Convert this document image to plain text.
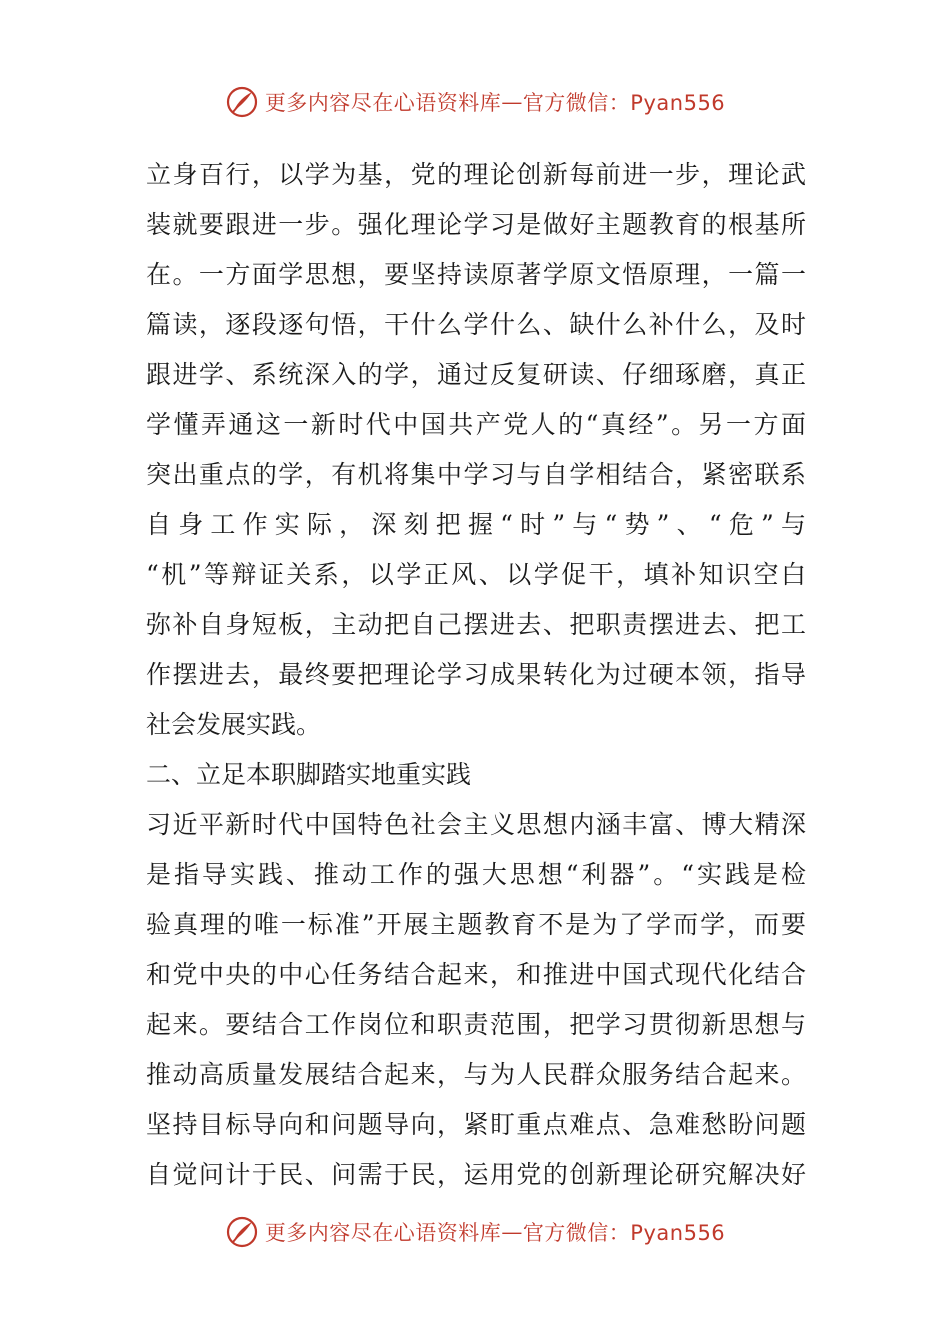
更多内容尽在心语资料库 — 官方微信：Pyan556
立身百行，以学为基，党的理论创新每前进一步，理论武
装就要跟进一步。强化理论学习是做好主题教育的根基所
在。一方面学思想，要坚持读原著学原文悟原理，一篇一
篇读，逐段逐句悟，干什么学什么、缺什么补什么，及时
跟进学、系统深入的学，通过反复研读、仔细琢磨，真正
学懂弄通这一新时代中国共产党人的“真经”。另一方面
突出重点的学，有机将集中学习与自学相结合，紧密联系
自身工作实际，深刻把握“时”与“势”、“危”与
“机”等辩证关系，以学正风、以学促干，填补知识空白
弥补自身短板，主动把自己摆进去、把职责摆进去、把工
作摆进去，最终要把理论学习成果转化为过硬本领，指导
社会发展实践。
二、立足本职脚踏实地重实践
习近平新时代中国特色社会主义思想内涵丰富、博大精深
是指导实践、推动工作的强大思想“利器”。“实践是检
验真理的唯一标准”开展主题教育不是为了学而学，而要
和党中央的中心任务结合起来，和推进中国式现代化结合
起来。要结合工作岗位和职责范围，把学习贯彻新思想与
推动高质量发展结合起来，与为人民群众服务结合起来。
坚持目标导向和问题导向，紧盯重点难点、急难愁盼问题
自觉问计于民、问需于民，运用党的创新理论研究解决好
更多内容尽在心语资料库 — 官方微信：Pyan556
